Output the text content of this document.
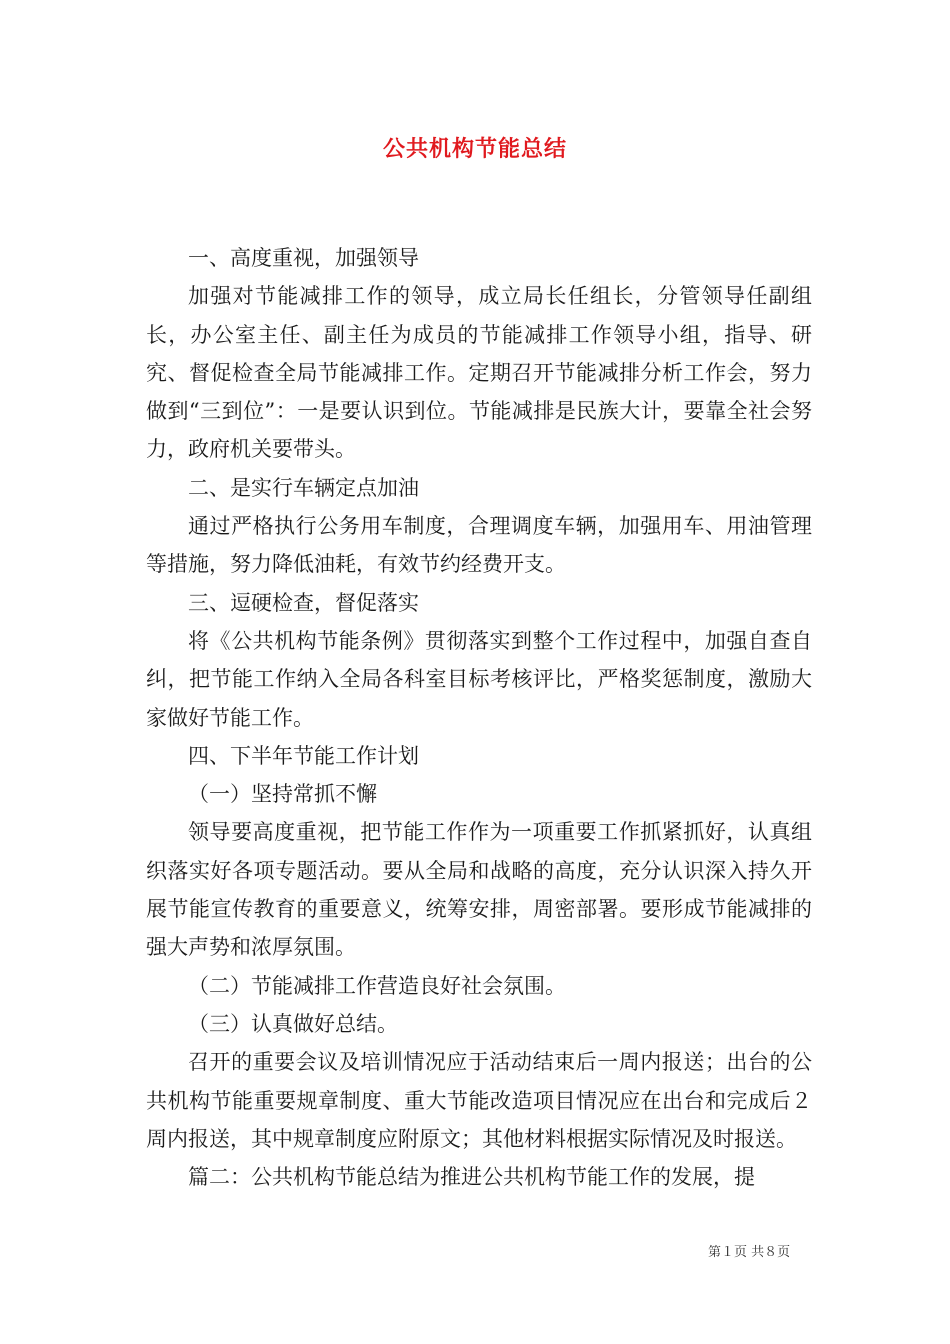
公共机构节能总结

一、高度重视，加强领导

加强对节能减排工作的领导，成立局长任组长，分管领导任副组长，办公室主任、副主任为成员的节能减排工作领导小组，指导、研究、督促检查全局节能减排工作。定期召开节能减排分析工作会，努力做到“三到位”：一是要认识到位。节能减排是民族大计，要靠全社会努力，政府机关要带头。

二、是实行车辆定点加油

通过严格执行公务用车制度，合理调度车辆，加强用车、用油管理等措施，努力降低油耗，有效节约经费开支。

三、逗硬检查，督促落实

将《公共机构节能条例》贯彻落实到整个工作过程中，加强自查自纠，把节能工作纳入全局各科室目标考核评比，严格奖惩制度，激励大家做好节能工作。

四、下半年节能工作计划

（一）坚持常抓不懈

领导要高度重视，把节能工作作为一项重要工作抓紧抓好，认真组织落实好各项专题活动。要从全局和战略的高度，充分认识深入持久开展节能宣传教育的重要意义，统筹安排，周密部署。要形成节能减排的强大声势和浓厚氛围。

（二）节能减排工作营造良好社会氛围。

（三）认真做好总结。

召开的重要会议及培训情况应于活动结束后一周内报送；出台的公共机构节能重要规章制度、重大节能改造项目情况应在出台和完成后２周内报送，其中规章制度应附原文；其他材料根据实际情况及时报送。

篇二：公共机构节能总结为推进公共机构节能工作的发展，提

第１页 共８页
